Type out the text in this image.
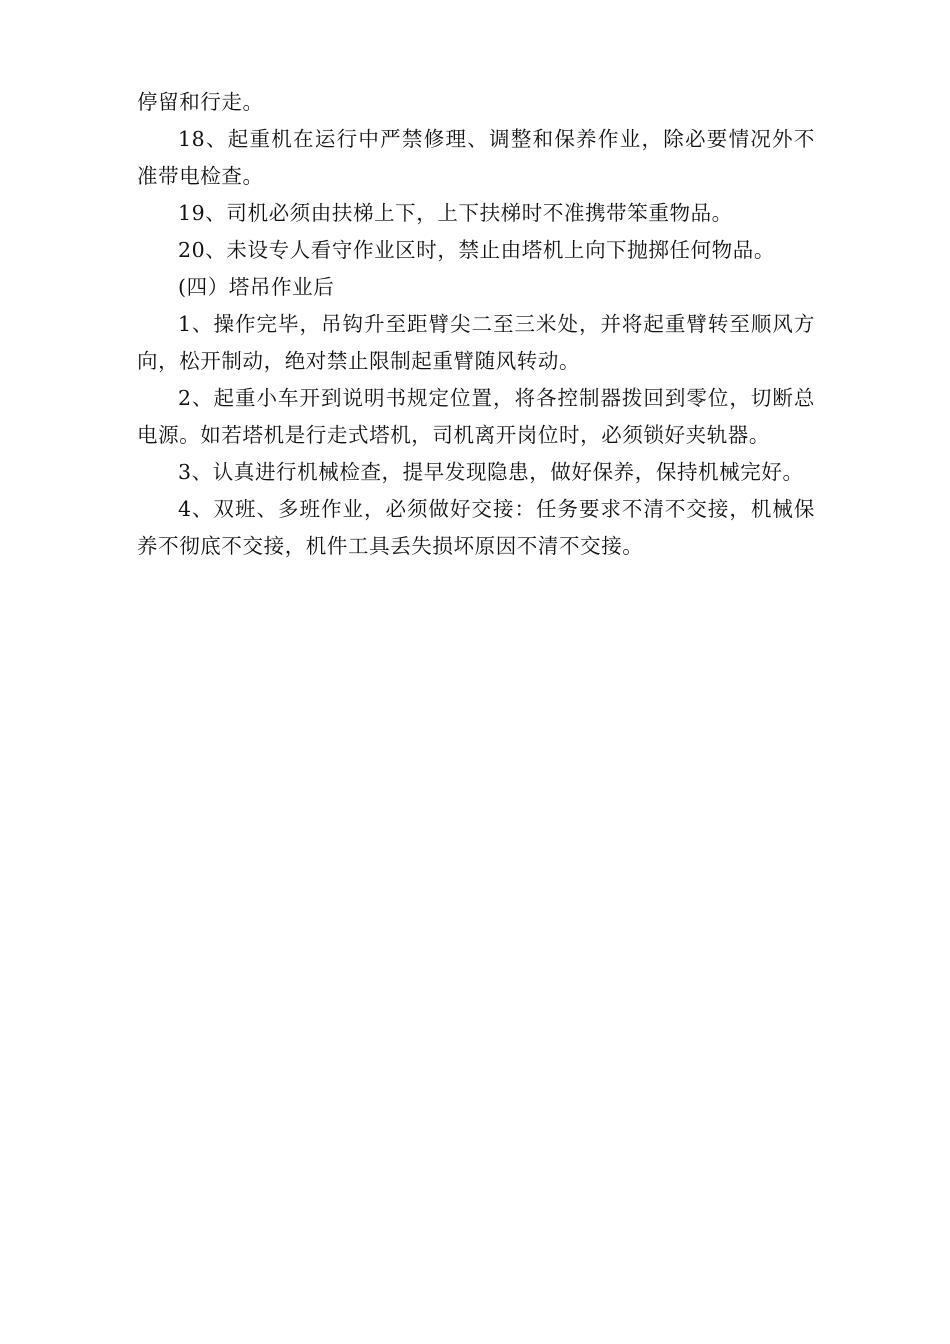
停留和行走。

18、起重机在运行中严禁修理、调整和保养作业，除必要情况外不准带电检查。

19、司机必须由扶梯上下，上下扶梯时不准携带笨重物品。

20、未设专人看守作业区时，禁止由塔机上向下抛掷任何物品。

(四）塔吊作业后

1、操作完毕，吊钩升至距臂尖二至三米处，并将起重臂转至顺风方向，松开制动，绝对禁止限制起重臂随风转动。

2、起重小车开到说明书规定位置，将各控制器拨回到零位，切断总电源。如若塔机是行走式塔机，司机离开岗位时，必须锁好夹轨器。

3、认真进行机械检查，提早发现隐患，做好保养，保持机械完好。

4、双班、多班作业，必须做好交接：任务要求不清不交接，机械保养不彻底不交接，机件工具丢失损坏原因不清不交接。
